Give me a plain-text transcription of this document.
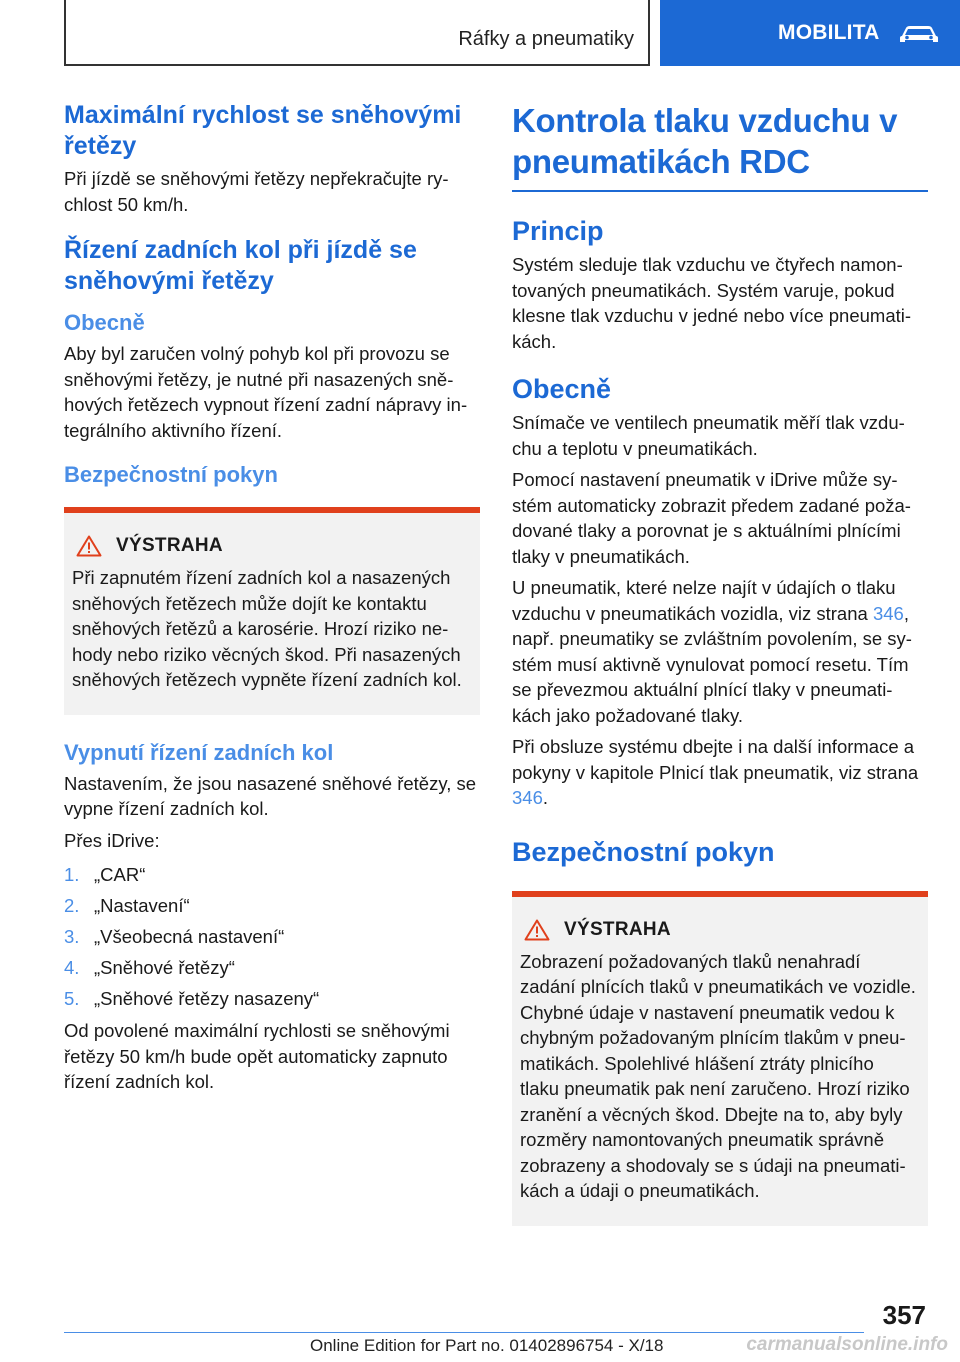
Ráfky a pneumatiky	MOBILITA
Maximální rychlost se sněhovými řetězy

Při jízdě se sněhovými řetězy nepřekračujte ry-chlost 50 km/h.

Řízení zadních kol při jízdě se sněhovými řetězy
Obecně

Aby byl zaručen volný pohyb kol při provozu se sněhovými řetězy, je nutné při nasazených sně-hových řetězech vypnout řízení zadní nápravy in-tegrálního aktivního řízení.

Bezpečnostní pokyn
VÝSTRAHA

Při zapnutém řízení zadních kol a nasazených sněhových řetězech může dojít ke kontaktu sněhových řetězů a karosérie. Hrozí riziko ne-hody nebo riziko věcných škod. Při nasazených sněhových řetězech vypněte řízení zadních kol.

Vypnutí řízení zadních kol

Nastavením, že jsou nasazené sněhové řetězy, se vypne řízení zadních kol.

Přes iDrive:

1. „CAR“
2. „Nastavení“
3. „Všeobecná nastavení“
4. „Sněhové řetězy“
5. „Sněhové řetězy nasazeny“

Od povolené maximální rychlosti se sněhovými řetězy 50 km/h bude opět automaticky zapnuto řízení zadních kol.

Kontrola tlaku vzduchu v pneumatikách RDC
Princip

Systém sleduje tlak vzduchu ve čtyřech namon-tovaných pneumatikách. Systém varuje, pokud klesne tlak vzduchu v jedné nebo více pneumati-kách.

Obecně

Snímače ve ventilech pneumatik měří tlak vzdu-chu a teplotu v pneumatikách.

Pomocí nastavení pneumatik v iDrive může sy-stém automaticky zobrazit předem zadané poža-dované tlaky a porovnat je s aktuálními plnícími tlaky v pneumatikách.

U pneumatik, které nelze najít v údajích o tlaku vzduchu v pneumatikách vozidla, viz strana 346, např. pneumatiky se zvláštním povolením, se sy-stém musí aktivně vynulovat pomocí resetu. Tím se převezmou aktuální plnící tlaky v pneumati-kách jako požadované tlaky.

Při obsluze systému dbejte i na další informace a pokyny v kapitole Plnicí tlak pneumatik, viz strana 346.

Bezpečnostní pokyn
VÝSTRAHA

Zobrazení požadovaných tlaků nenahradí zadání plnících tlaků v pneumatikách ve vozidle. Chybné údaje v nastavení pneumatik vedou k chybným požadovaným plnícím tlakům v pneu-matikách. Spolehlivé hlášení ztráty plnicího tlaku pneumatik pak není zaručeno. Hrozí riziko zranění a věcných škod. Dbejte na to, aby byly rozměry namontovaných pneumatik správně zobrazeny a shodovaly se s údaji na pneumati-kách a údaji o pneumatikách.

357
Online Edition for Part no. 01402896754 - X/18	carmanualsonline.info
